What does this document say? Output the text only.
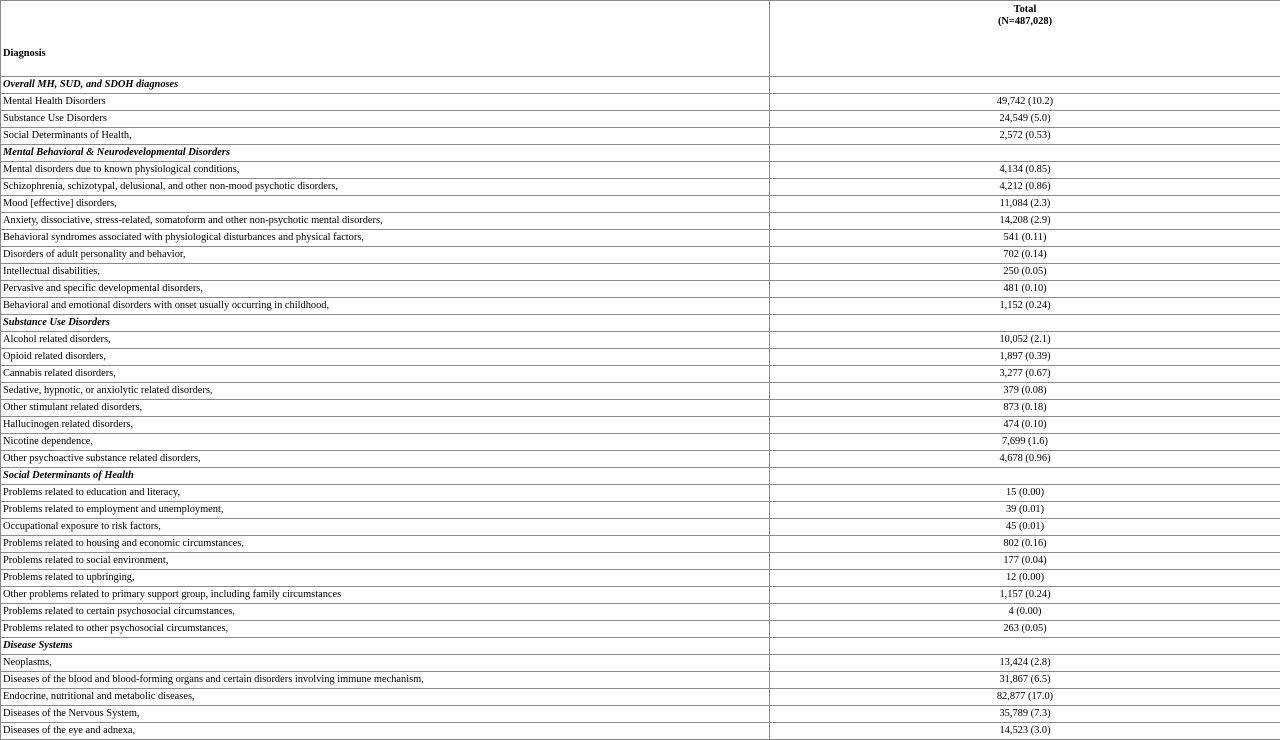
Diagnosis	Total
(N=487,028)

Overall MH, SUD, and SDOH diagnoses	
Mental Health Disorders	49,742 (10.2)
Substance Use Disorders	24,549 (5.0)
Social Determinants of Health,	2,572 (0.53)
Mental Behavioral & Neurodevelopmental Disorders	
Mental disorders due to known physiological conditions,	4,134 (0.85)
Schizophrenia, schizotypal, delusional, and other non-mood psychotic disorders,	4,212 (0.86)
Mood [effective] disorders,	11,084 (2.3)
Anxiety, dissociative, stress-related, somatoform and other non-psychotic mental disorders,	14,208 (2.9)
Behavioral syndromes associated with physiological disturbances and physical factors,	541 (0.11)
Disorders of adult personality and behavior,	702 (0.14)
Intellectual disabilities,	250 (0.05)
Pervasive and specific developmental disorders,	481 (0.10)
Behavioral and emotional disorders with onset usually occurring in childhood,	1,152 (0.24)
Substance Use Disorders	
Alcohol related disorders,	10,052 (2.1)
Opioid related disorders,	1,897 (0.39)
Cannabis related disorders,	3,277 (0.67)
Sedative, hypnotic, or anxiolytic related disorders,	379 (0.08)
Other stimulant related disorders,	873 (0.18)
Hallucinogen related disorders,	474 (0.10)
Nicotine dependence,	7,699 (1.6)
Other psychoactive substance related disorders,	4,678 (0.96)
Social Determinants of Health	
Problems related to education and literacy,	15 (0.00)
Problems related to employment and unemployment,	39 (0.01)
Occupational exposure to risk factors,	45 (0.01)
Problems related to housing and economic circumstances,	802 (0.16)
Problems related to social environment,	177 (0.04)
Problems related to upbringing,	12 (0.00)
Other problems related to primary support group, including family circumstances	1,157 (0.24)
Problems related to certain psychosocial circumstances,	4 (0.00)
Problems related to other psychosocial circumstances,	263 (0.05)
Disease Systems	
Neoplasms,	13,424 (2.8)
Diseases of the blood and blood-forming organs and certain disorders involving immune mechanism,	31,867 (6.5)
Endocrine, nutritional and metabolic diseases,	82,877 (17.0)
Diseases of the Nervous System,	35,789 (7.3)
Diseases of the eye and adnexa,	14,523 (3.0)
